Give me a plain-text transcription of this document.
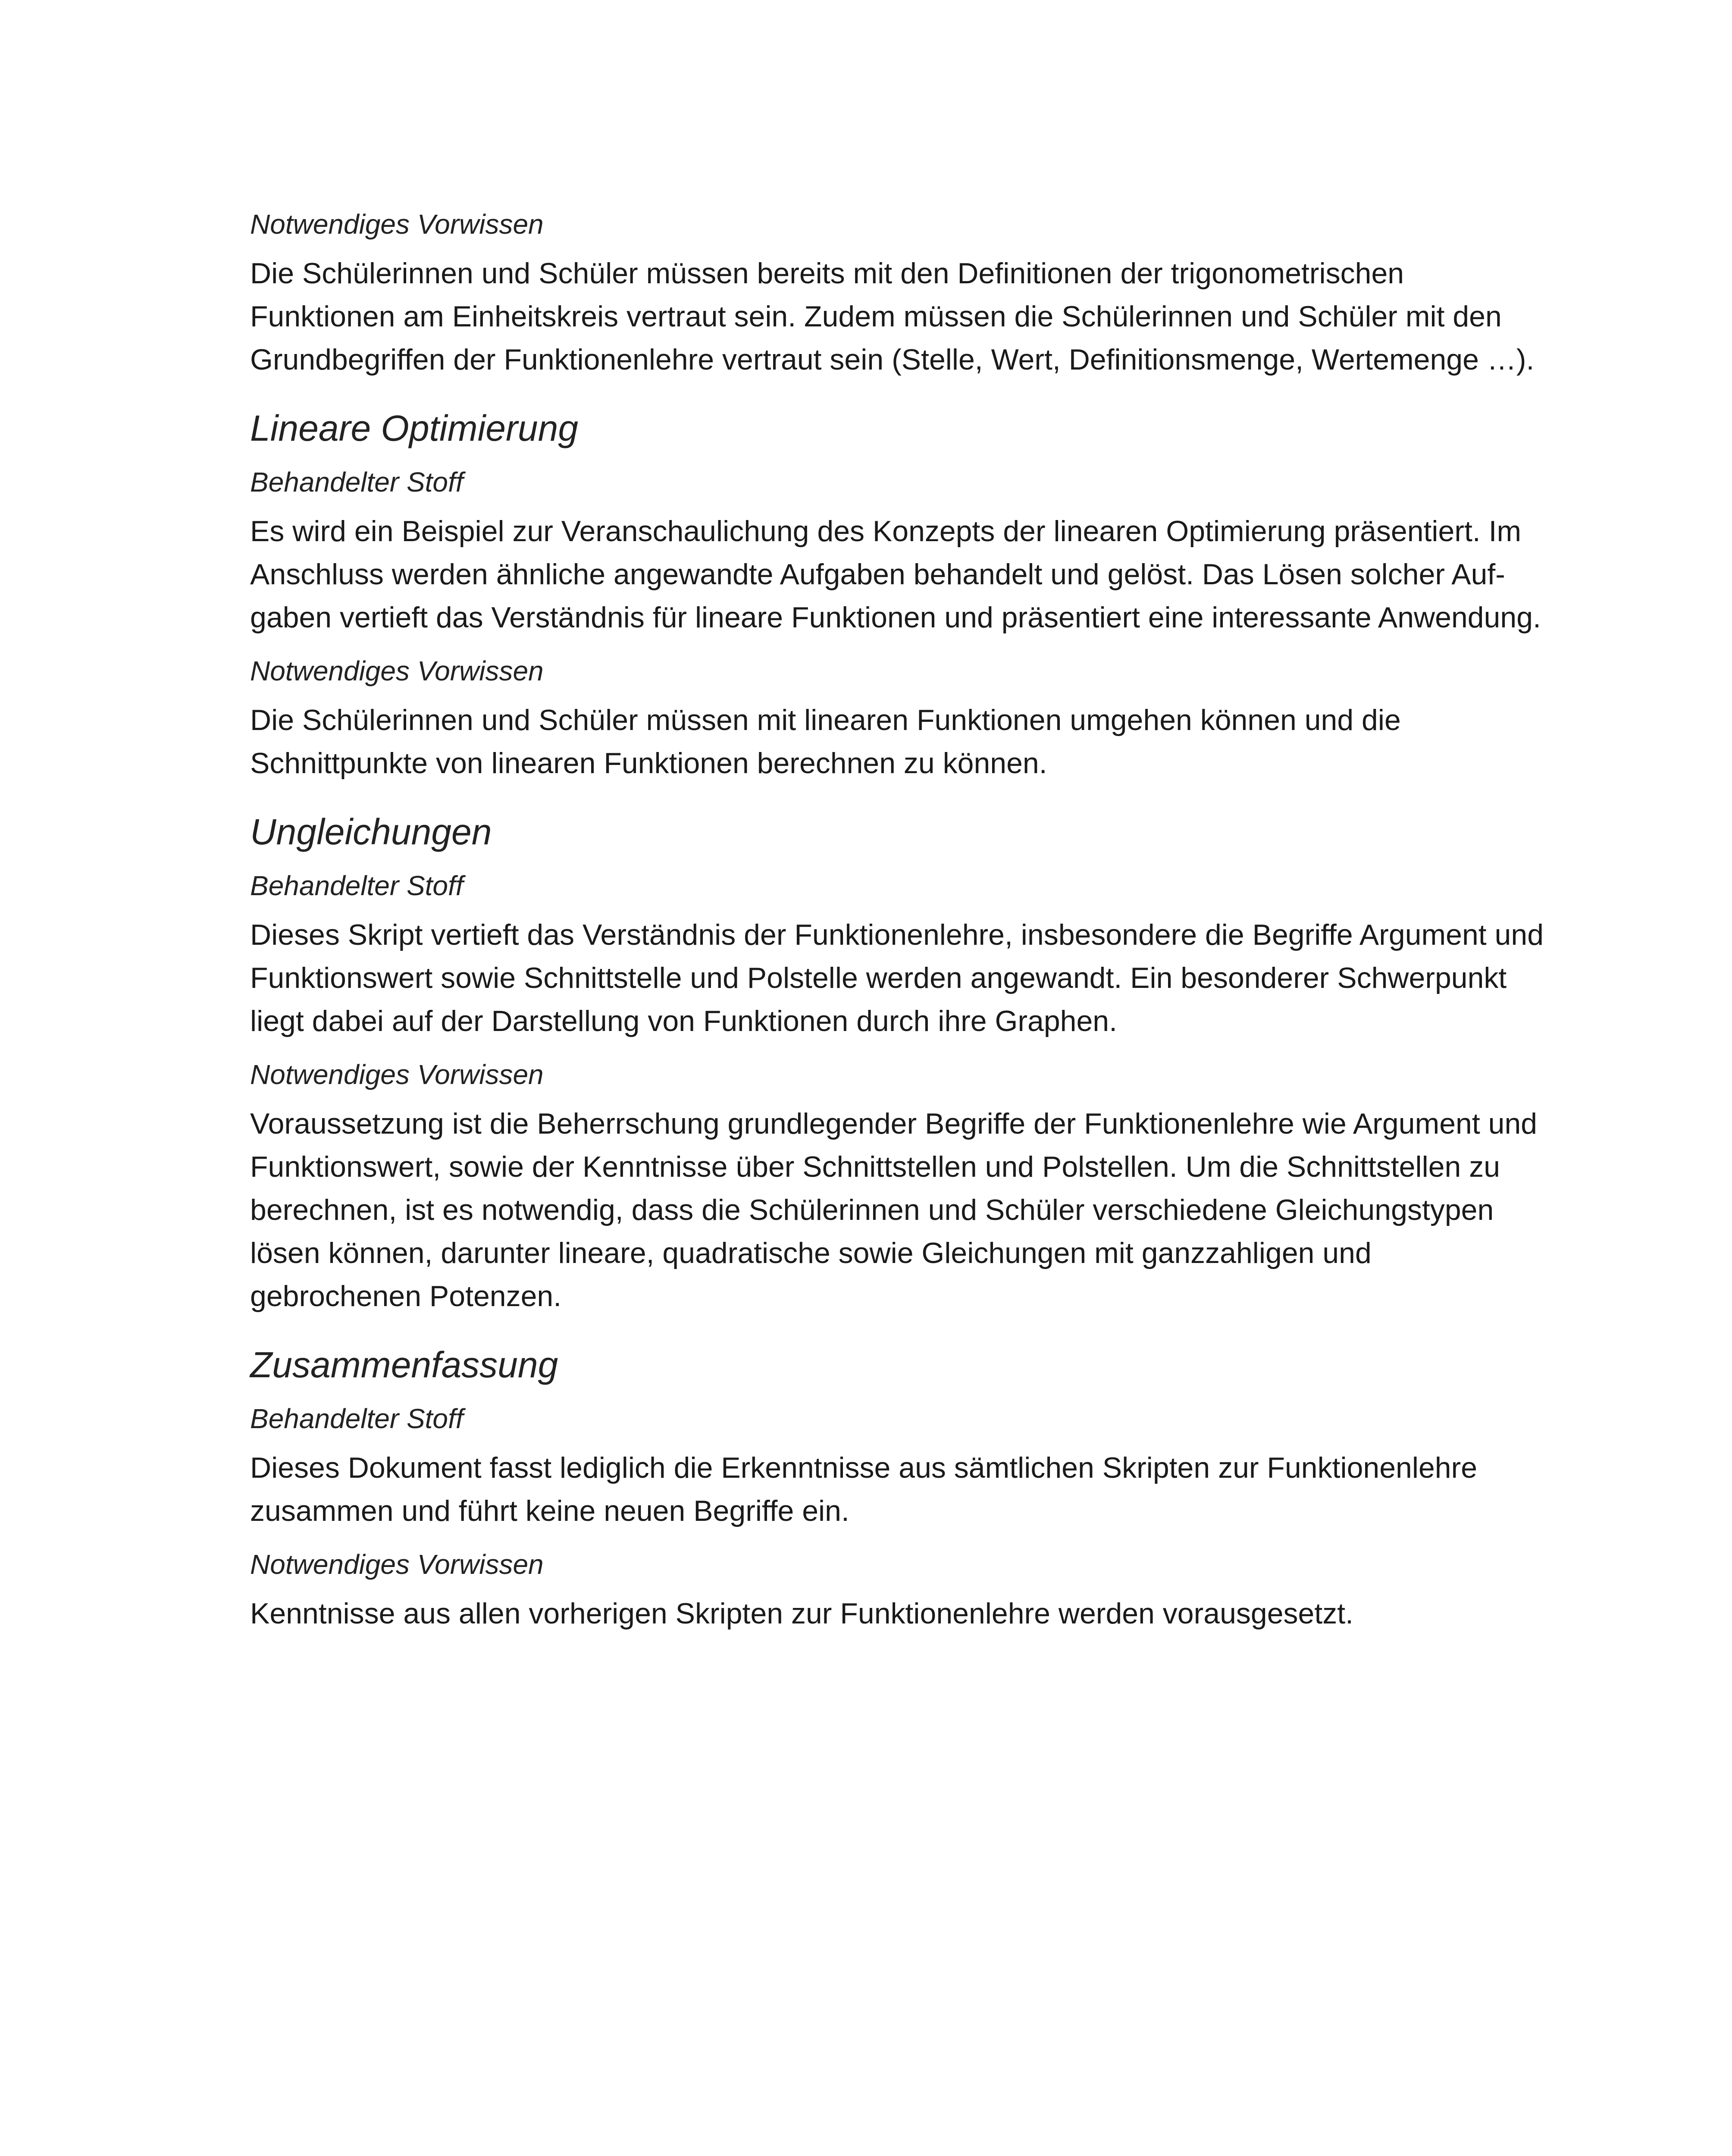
Notwendiges Vorwissen
Die Schülerinnen und Schüler müssen bereits mit den Definitionen der trigonometrischen
Funktionen am Einheitskreis vertraut sein. Zudem müssen die Schülerinnen und Schüler mit den
Grundbegriffen der Funktionenlehre vertraut sein (Stelle, Wert, Definitionsmenge, Wertemenge …).
Lineare Optimierung
Behandelter Stoff
Es wird ein Beispiel zur Veranschaulichung des Konzepts der linearen Optimierung präsentiert. Im
Anschluss werden ähnliche angewandte Aufgaben behandelt und gelöst. Das Lösen solcher Auf-
gaben vertieft das Verständnis für lineare Funktionen und präsentiert eine interessante Anwendung.
Notwendiges Vorwissen
Die Schülerinnen und Schüler müssen mit linearen Funktionen umgehen können und die
Schnittpunkte von linearen Funktionen berechnen zu können.
Ungleichungen
Behandelter Stoff
Dieses Skript vertieft das Verständnis der Funktionenlehre, insbesondere die Begriffe Argument und
Funktionswert sowie Schnittstelle und Polstelle werden angewandt. Ein besonderer Schwerpunkt
liegt dabei auf der Darstellung von Funktionen durch ihre Graphen.
Notwendiges Vorwissen
Voraussetzung ist die Beherrschung grundlegender Begriffe der Funktionenlehre wie Argument und
Funktionswert, sowie der Kenntnisse über Schnittstellen und Polstellen. Um die Schnittstellen zu
berechnen, ist es notwendig, dass die Schülerinnen und Schüler verschiedene Gleichungstypen
lösen können, darunter lineare, quadratische sowie Gleichungen mit ganzzahligen und
gebrochenen Potenzen.
Zusammenfassung
Behandelter Stoff
Dieses Dokument fasst lediglich die Erkenntnisse aus sämtlichen Skripten zur Funktionenlehre
zusammen und führt keine neuen Begriffe ein.
Notwendiges Vorwissen
Kenntnisse aus allen vorherigen Skripten zur Funktionenlehre werden vorausgesetzt.
